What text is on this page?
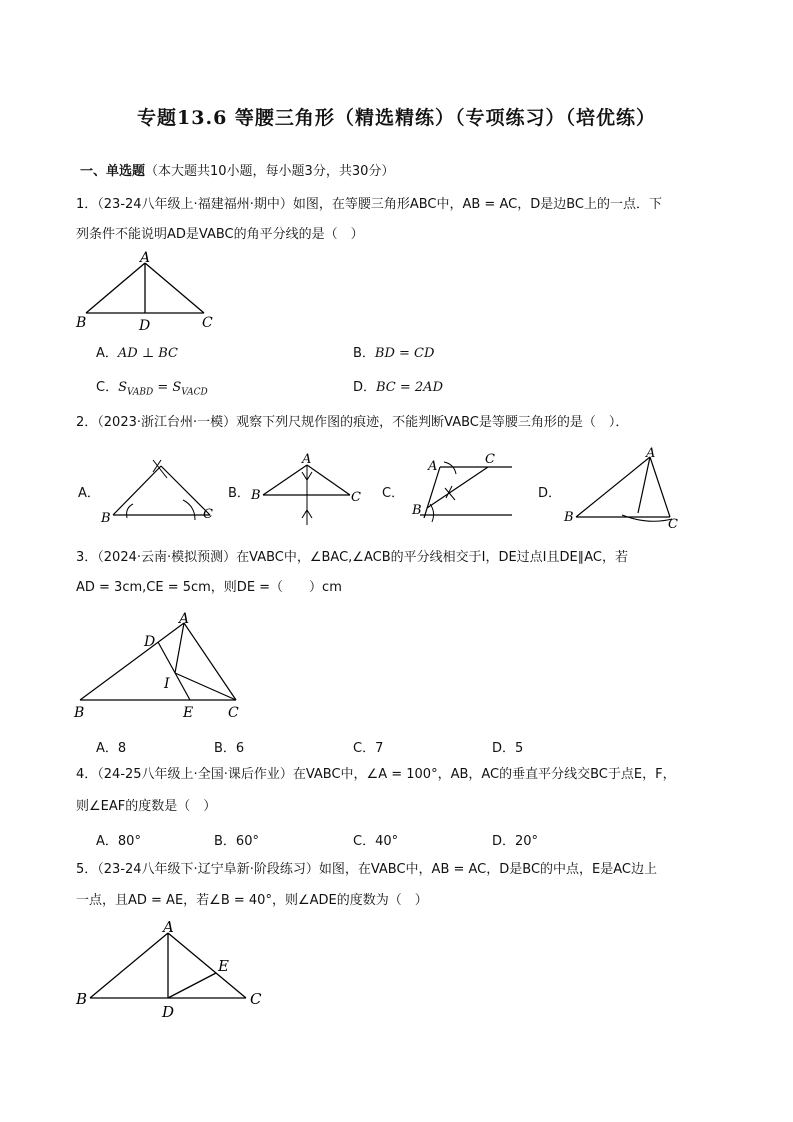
专题13.6 等腰三角形（精选精练）（专项练习）（培优练）
一、单选题（本大题共10小题，每小题3分，共30分）
1．（23-24八年级上·福建福州·期中）如图，在等腰三角形ABC中，AB = AC，D是边BC上的一点．下
列条件不能说明AD是VABC的角平分线的是（　）
A
B	C
D
A．AD ⊥ BC	B．BD = CD
C．$S_{VABD} = S_{VACD}$	D．BC = 2AD
2．（2023·浙江台州·一模）观察下列尺规作图的痕迹，不能判断VABC是等腰三角形的是（　）．
A．
B	C
B．
A
B	C C．
A	C
B
D．
A
B	C
3．（2024·云南·模拟预测）在VABC中，∠BAC,∠ACB的平分线相交于I，DE过点I且DE∥AC，若
AD = 3cm,CE = 5cm，则DE =（　　）cm
A
D
I
B	E C
A．8	B．6	C．7	D．5
4．（24-25八年级上·全国·课后作业）在VABC中，∠A = 100°，AB，AC的垂直平分线交BC于点E，F，
则∠EAF的度数是（　）
A．80°	B．60°	C．40°	D．20°
5．（23-24八年级下·辽宁阜新·阶段练习）如图，在VABC中，AB = AC，D是BC的中点，E是AC边上
一点，且AD = AE，若∠B = 40°，则∠ADE的度数为（　）
A
B	C
D
E
